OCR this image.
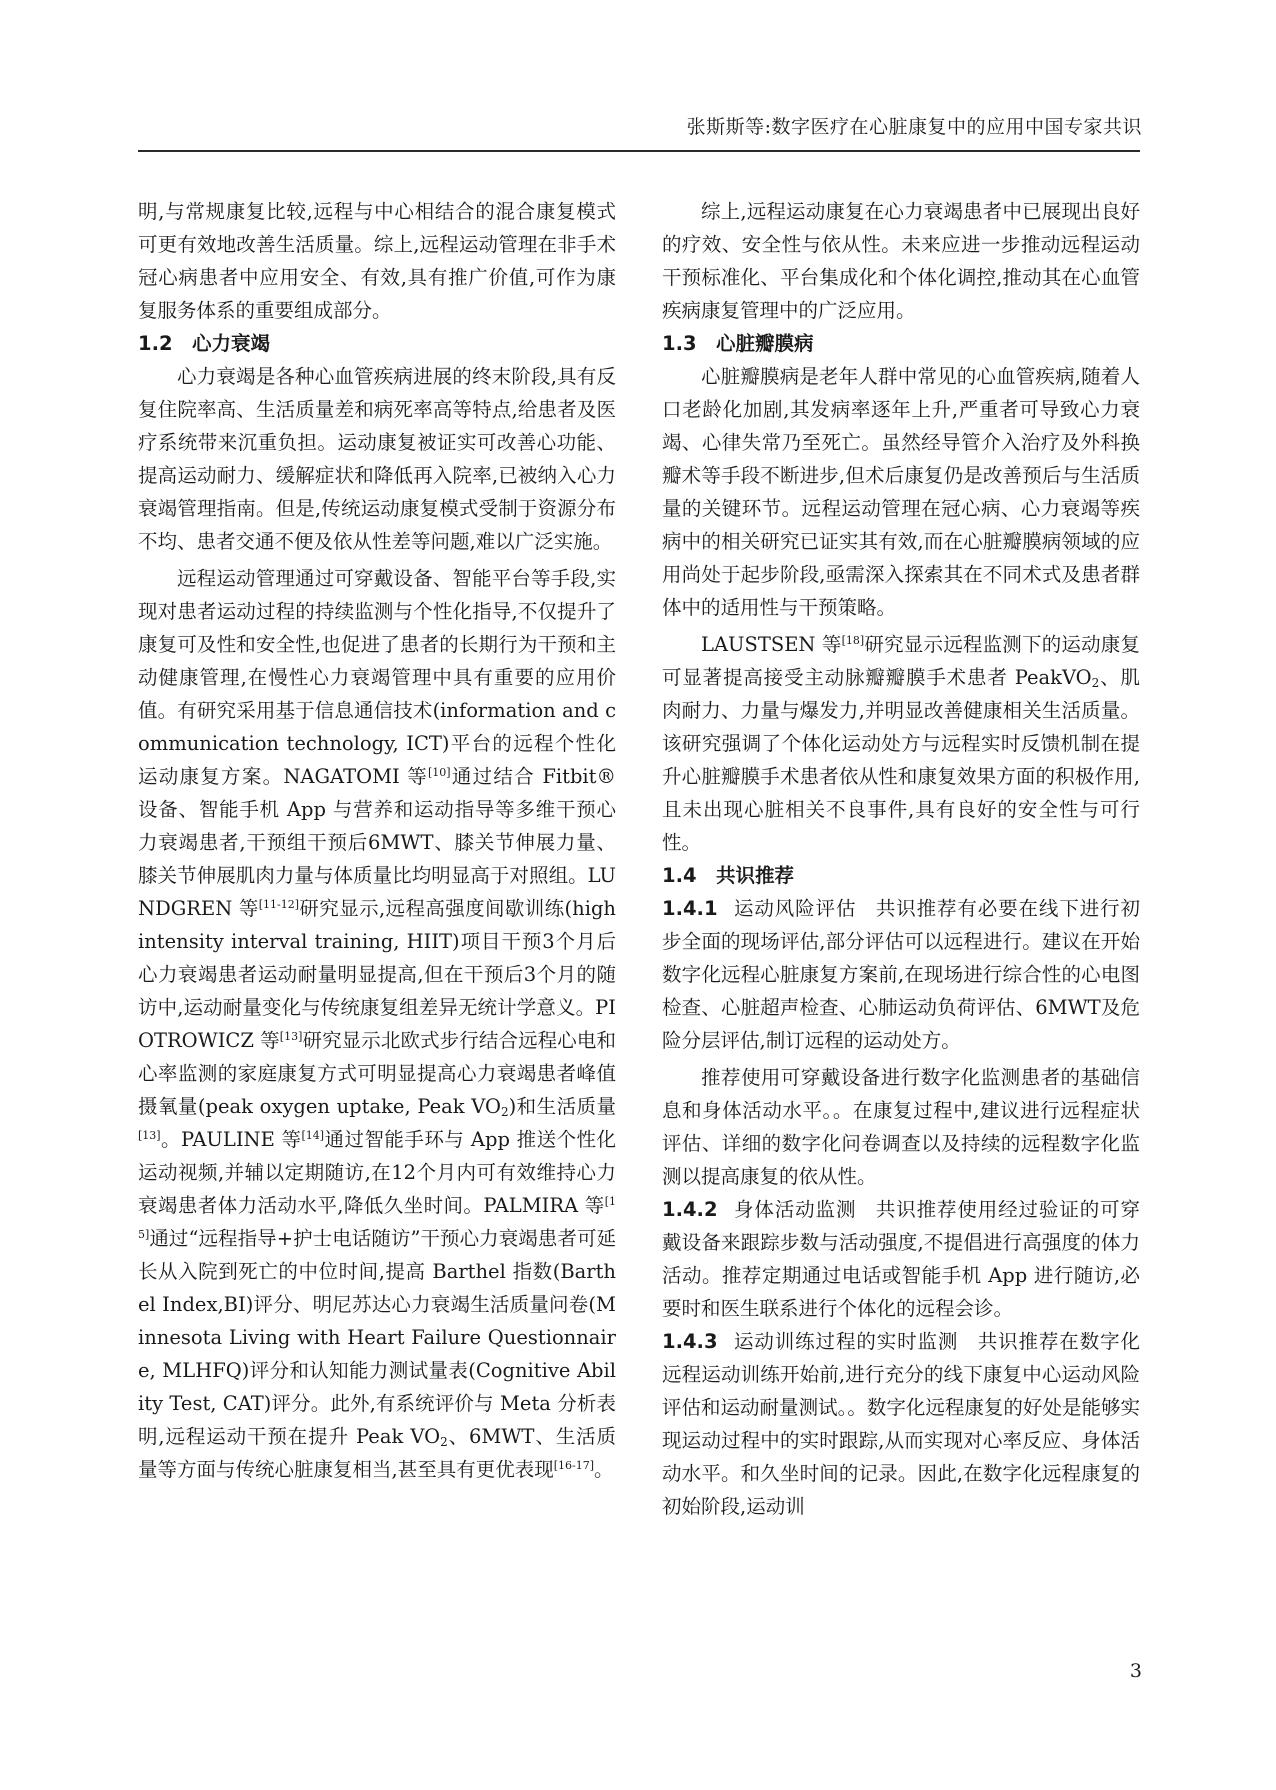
张斯斯等:数字医疗在心脏康复中的应用中国专家共识

明,与常规康复比较,远程与中心相结合的混合康复模式可更有效地改善生活质量。综上,远程运动管理在非手术冠心病患者中应用安全、有效,具有推广价值,可作为康复服务体系的重要组成部分。

1.2 心力衰竭

心力衰竭是各种心血管疾病进展的终末阶段,具有反复住院率高、生活质量差和病死率高等特点,给患者及医疗系统带来沉重负担。运动康复被证实可改善心功能、提高运动耐力、缓解症状和降低再入院率,已被纳入心力衰竭管理指南。但是,传统运动康复模式受制于资源分布不均、患者交通不便及依从性差等问题,难以广泛实施。

远程运动管理通过可穿戴设备、智能平台等手段,实现对患者运动过程的持续监测与个性化指导,不仅提升了康复可及性和安全性,也促进了患者的长期行为干预和主动健康管理,在慢性心力衰竭管理中具有重要的应用价值。有研究采用基于信息通信技术(information and communication technology, ICT)平台的远程个性化运动康复方案。NAGATOMI 等[10]通过结合 Fitbit®设备、智能手机 App 与营养和运动指导等多维干预心力衰竭患者,干预组干预后6MWT、膝关节伸展力量、膝关节伸展肌肉力量与体质量比均明显高于对照组。LUNDGREN 等[11-12]研究显示,远程高强度间歇训练(high intensity interval training, HIIT)项目干预3个月后心力衰竭患者运动耐量明显提高,但在干预后3个月的随访中,运动耐量变化与传统康复组差异无统计学意义。PIOTROWICZ 等[13]研究显示北欧式步行结合远程心电和心率监测的家庭康复方式可明显提高心力衰竭患者峰值摄氧量(peak oxygen uptake, Peak $VO_2$)和生活质量[13]。PAULINE 等[14]通过智能手环与 App 推送个性化运动视频,并辅以定期随访,在12个月内可有效维持心力衰竭患者体力活动水平,降低久坐时间。PALMIRA 等[15]通过“远程指导+护士电话随访”干预心力衰竭患者可延长从入院到死亡的中位时间,提高 Barthel 指数(Barthel Index,BI)评分、明尼苏达心力衰竭生活质量问卷(Minnesota Living with Heart Failure Questionnaire, MLHFQ)评分和认知能力测试量表(Cognitive Ability Test, CAT)评分。此外,有系统评价与 Meta 分析表明,远程运动干预在提升 Peak $VO_2$、6MWT、生活质量等方面与传统心脏康复相当,甚至具有更优表现[16-17]。

综上,远程运动康复在心力衰竭患者中已展现出良好的疗效、安全性与依从性。未来应进一步推动远程运动干预标准化、平台集成化和个体化调控,推动其在心血管疾病康复管理中的广泛应用。

1.3 心脏瓣膜病

心脏瓣膜病是老年人群中常见的心血管疾病,随着人口老龄化加剧,其发病率逐年上升,严重者可导致心力衰竭、心律失常乃至死亡。虽然经导管介入治疗及外科换瓣术等手段不断进步,但术后康复仍是改善预后与生活质量的关键环节。远程运动管理在冠心病、心力衰竭等疾病中的相关研究已证实其有效,而在心脏瓣膜病领域的应用尚处于起步阶段,亟需深入探索其在不同术式及患者群体中的适用性与干预策略。

LAUSTSEN 等[18]研究显示远程监测下的运动康复可显著提高接受主动脉瓣瓣膜手术患者 PeakVO$_2$、肌肉耐力、力量与爆发力,并明显改善健康相关生活质量。该研究强调了个体化运动处方与远程实时反馈机制在提升心脏瓣膜手术患者依从性和康复效果方面的积极作用,且未出现心脏相关不良事件,具有良好的安全性与可行性。

1.4 共识推荐

1.4.1 运动风险评估 共识推荐有必要在线下进行初步全面的现场评估,部分评估可以远程进行。建议在开始数字化远程心脏康复方案前,在现场进行综合性的心电图检查、心脏超声检查、心肺运动负荷评估、6MWT及危险分层评估,制订远程的运动处方。

推荐使用可穿戴设备进行数字化监测患者的基础信息和身体活动水平。。在康复过程中,建议进行远程症状评估、详细的数字化问卷调查以及持续的远程数字化监测以提高康复的依从性。

1.4.2 身体活动监测 共识推荐使用经过验证的可穿戴设备来跟踪步数与活动强度,不提倡进行高强度的体力活动。推荐定期通过电话或智能手机 App 进行随访,必要时和医生联系进行个体化的远程会诊。

1.4.3 运动训练过程的实时监测 共识推荐在数字化远程运动训练开始前,进行充分的线下康复中心运动风险评估和运动耐量测试。。数字化远程康复的好处是能够实现运动过程中的实时跟踪,从而实现对心率反应、身体活动水平。和久坐时间的记录。因此,在数字化远程康复的初始阶段,运动训

3
